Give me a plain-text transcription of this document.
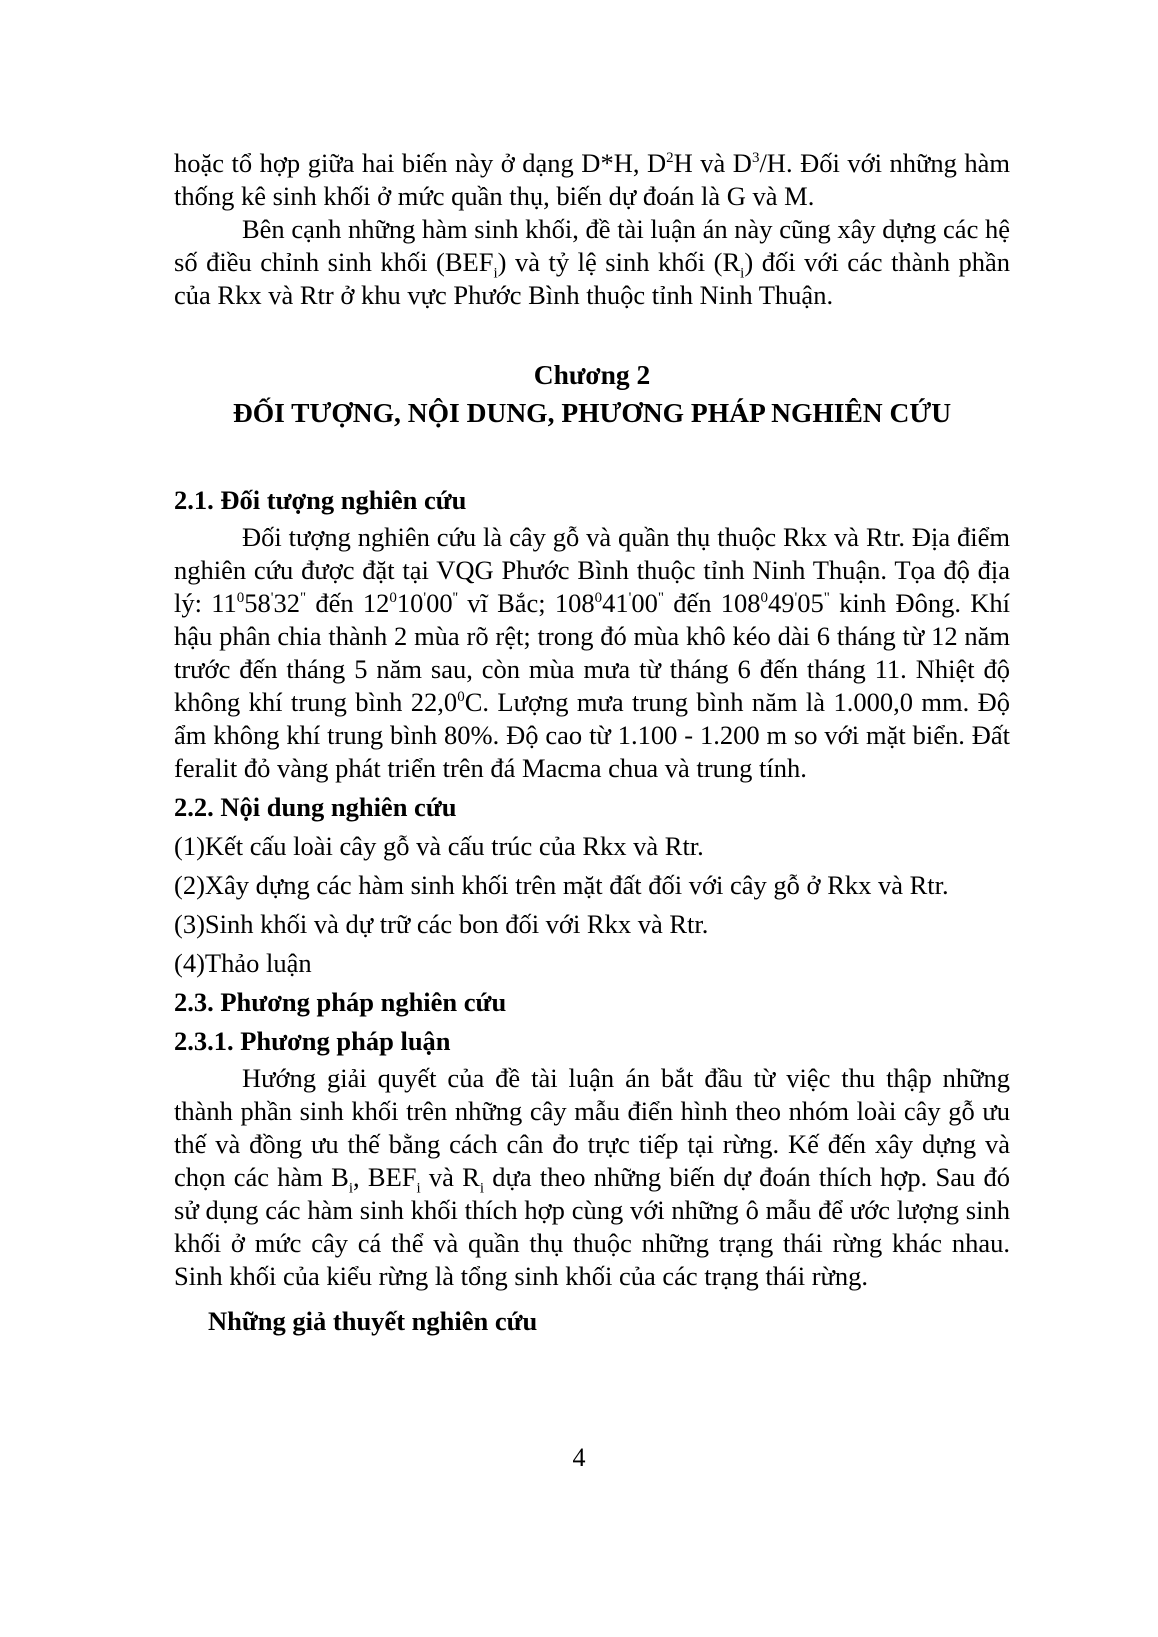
hoặc tổ hợp giữa hai biến này ở dạng D*H, $D^2H$ và $D^3/H$. Đối với những hàm thống kê sinh khối ở mức quần thụ, biến dự đoán là G và M.

Bên cạnh những hàm sinh khối, đề tài luận án này cũng xây dựng các hệ số điều chỉnh sinh khối $(BEF_i)$ và tỷ lệ sinh khối $(R_i)$ đối với các thành phần của Rkx và Rtr ở khu vực Phước Bình thuộc tỉnh Ninh Thuận.

Chương 2
ĐỐI TƯỢNG, NỘI DUNG, PHƯƠNG PHÁP NGHIÊN CỨU

2.1. Đối tượng nghiên cứu

Đối tượng nghiên cứu là cây gỗ và quần thụ thuộc Rkx và Rtr. Địa điểm nghiên cứu được đặt tại VQG Phước Bình thuộc tỉnh Ninh Thuận. Tọa độ địa lý: $11^058'32^"$ đến $12^010'00''$ vĩ Bắc; $108^041'00^"$ đến $108^049'05^"$ kinh Đông. Khí hậu phân chia thành 2 mùa rõ rệt; trong đó mùa khô kéo dài 6 tháng từ 12 năm trước đến tháng 5 năm sau, còn mùa mưa từ tháng 6 đến tháng 11. Nhiệt độ không khí trung bình 22,0$^0$C. Lượng mưa trung bình năm là 1.000,0 mm. Độ ẩm không khí trung bình 80%. Độ cao từ 1.100 - 1.200 m so với mặt biển. Đất feralit đỏ vàng phát triển trên đá Macma chua và trung tính.

2.2. Nội dung nghiên cứu

(1)Kết cấu loài cây gỗ và cấu trúc của Rkx và Rtr.

(2)Xây dựng các hàm sinh khối trên mặt đất đối với cây gỗ ở Rkx và Rtr.

(3)Sinh khối và dự trữ các bon đối với Rkx và Rtr.

(4)Thảo luận

2.3. Phương pháp nghiên cứu

2.3.1. Phương pháp luận

Hướng giải quyết của đề tài luận án bắt đầu từ việc thu thập những thành phần sinh khối trên những cây mẫu điển hình theo nhóm loài cây gỗ ưu thế và đồng ưu thế bằng cách cân đo trực tiếp tại rừng. Kế đến xây dựng và chọn các hàm $B_i$, $BEF_i$ và $R_i$ dựa theo những biến dự đoán thích hợp. Sau đó sử dụng các hàm sinh khối thích hợp cùng với những ô mẫu để ước lượng sinh khối ở mức cây cá thể và quần thụ thuộc những trạng thái rừng khác nhau. Sinh khối của kiểu rừng là tổng sinh khối của các trạng thái rừng.

Những giả thuyết nghiên cứu

4
